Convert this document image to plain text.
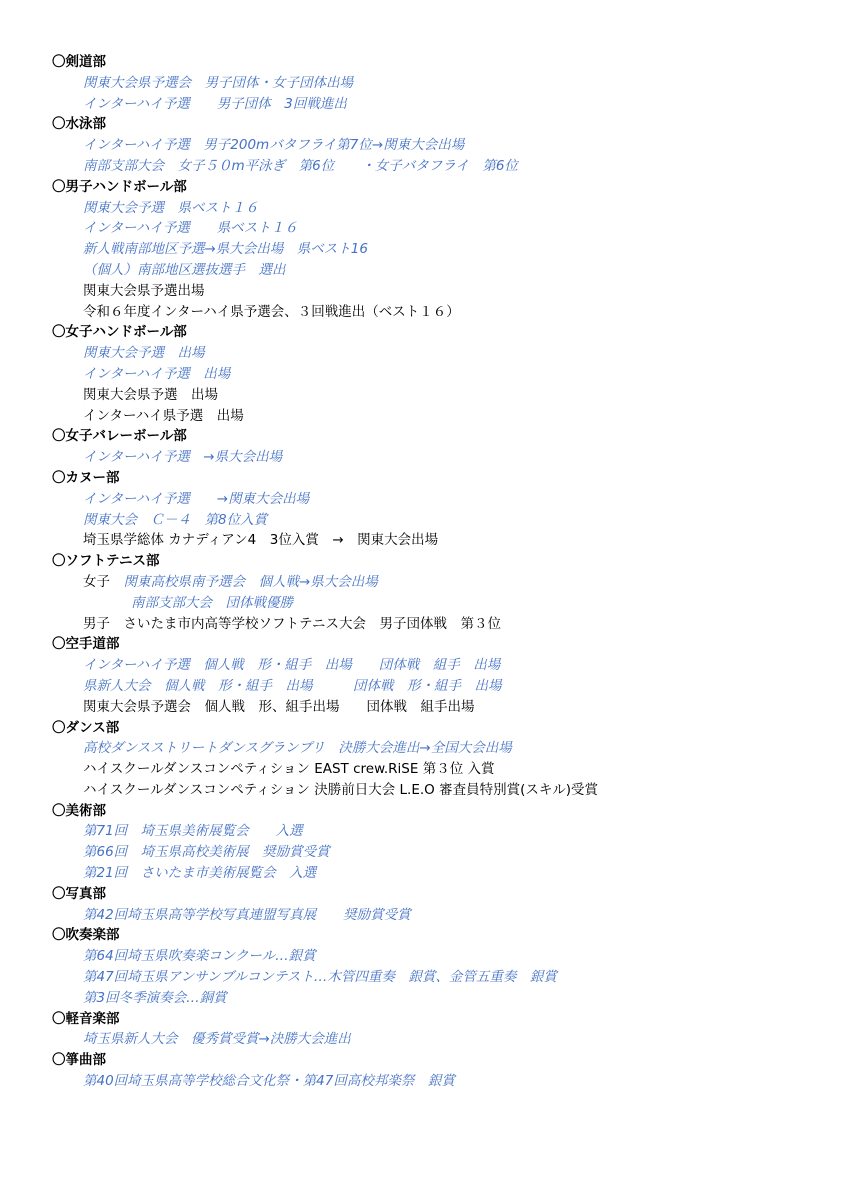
〇剣道部
関東大会県予選会　男子団体・女子団体出場
インターハイ予選　　男子団体　3回戦進出
〇水泳部
インターハイ予選　男子200mバタフライ第7位→関東大会出場
南部支部大会　女子５０m平泳ぎ　第6位　　・女子バタフライ　第6位
〇男子ハンドボール部
関東大会予選　県ベスト１６
インターハイ予選　　県ベスト１６
新人戦南部地区予選→県大会出場　県ベスト16
（個人）南部地区選抜選手　選出
関東大会県予選出場
令和６年度インターハイ県予選会、３回戦進出（ベスト１６）
〇女子ハンドボール部
関東大会予選　出場
インターハイ予選　出場
関東大会県予選　出場
インターハイ県予選　出場
〇女子バレーボール部
インターハイ予選　→県大会出場
〇カヌー部
インターハイ予選　　→関東大会出場
関東大会　Ｃ－４　第8位入賞
埼玉県学総体 カナディアン4　3位入賞　→　関東大会出場
〇ソフトテニス部
女子　関東高校県南予選会　個人戦→県大会出場
南部支部大会　団体戦優勝
男子　さいたま市内高等学校ソフトテニス大会　男子団体戦　第３位
〇空手道部
インターハイ予選　個人戦　形・組手　出場　　団体戦　組手　出場
県新人大会　個人戦　形・組手　出場　　　団体戦　形・組手　出場
関東大会県予選会　個人戦　形、組手出場　　団体戦　組手出場
〇ダンス部
高校ダンスストリートダンスグランプリ　決勝大会進出→全国大会出場
ハイスクールダンスコンペティション EAST crew.RiSE 第３位 入賞
ハイスクールダンスコンペティション 決勝前日大会 L.E.O 審査員特別賞(スキル)受賞
〇美術部
第71回　埼玉県美術展覧会　　入選
第66回　埼玉県高校美術展　奨励賞受賞
第21回　さいたま市美術展覧会　入選
〇写真部
第42回埼玉県高等学校写真連盟写真展　　奨励賞受賞
〇吹奏楽部
第64回埼玉県吹奏楽コンクール…銀賞
第47回埼玉県アンサンブルコンテスト…木管四重奏　銀賞、金管五重奏　銀賞
第3回冬季演奏会…銅賞
〇軽音楽部
埼玉県新人大会　優秀賞受賞→決勝大会進出
〇箏曲部
第40回埼玉県高等学校総合文化祭・第47回高校邦楽祭　銀賞
